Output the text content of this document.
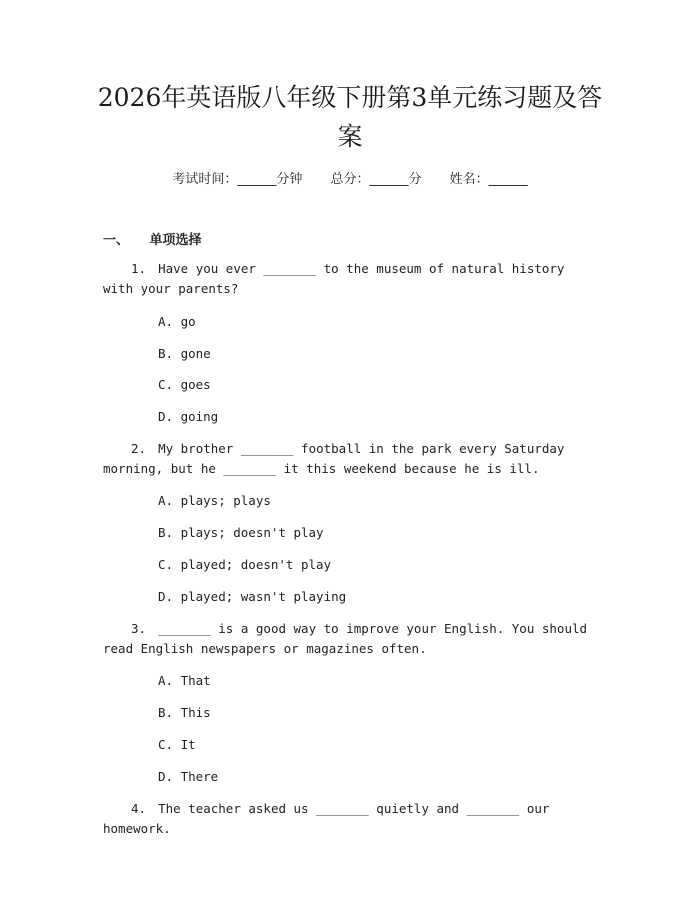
2026年英语版八年级下册第3单元练习题及答案
考试时间：______分钟 总分：______分 姓名：______
一、 单项选择
1. Have you ever _______ to the museum of natural history with your parents?
A. go
B. gone
C. goes
D. going
2. My brother _______ football in the park every Saturday morning, but he _______ it this weekend because he is ill.
A. plays; plays
B. plays; doesn't play
C. played; doesn't play
D. played; wasn't playing
3. _______ is a good way to improve your English. You should read English newspapers or magazines often.
A. That
B. This
C. It
D. There
4. The teacher asked us _______ quietly and _______ our homework.
